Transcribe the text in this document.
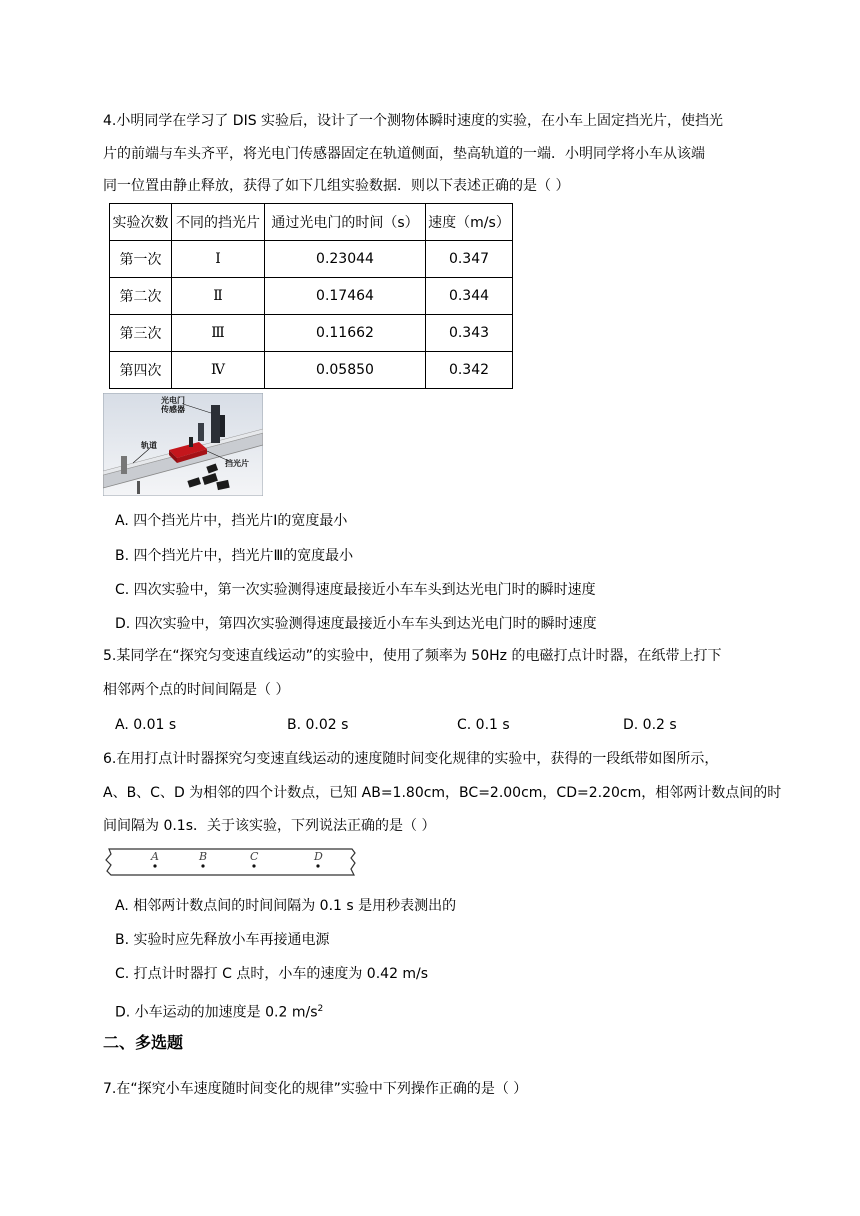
4.小明同学在学习了 DIS 实验后，设计了一个测物体瞬时速度的实验，在小车上固定挡光片，使挡光
片的前端与车头齐平，将光电门传感器固定在轨道侧面，垫高轨道的一端．小明同学将小车从该端
同一位置由静止释放，获得了如下几组实验数据．则以下表述正确的是（ ）
实验次数	不同的挡光片	通过光电门的时间（s）	速度（m/s）
第一次	Ⅰ	0.23044	0.347
第二次	Ⅱ	0.17464	0.344
第三次	Ⅲ	0.11662	0.343
第四次	Ⅳ	0.05850	0.342
光电门
传感器
轨道
挡光片
A. 四个挡光片中，挡光片Ⅰ的宽度最小
B. 四个挡光片中，挡光片Ⅲ的宽度最小
C. 四次实验中，第一次实验测得速度最接近小车车头到达光电门时的瞬时速度
D. 四次实验中，第四次实验测得速度最接近小车车头到达光电门时的瞬时速度
5.某同学在“探究匀变速直线运动”的实验中，使用了频率为 50Hz 的电磁打点计时器，在纸带上打下
相邻两个点的时间间隔是（ ）
A. 0.01 s	B. 0.02 s	C. 0.1 s	D. 0.2 s
6.在用打点计时器探究匀变速直线运动的速度随时间变化规律的实验中，获得的一段纸带如图所示，
A、B、C、D 为相邻的四个计数点，已知 AB=1.80cm，BC=2.00cm，CD=2.20cm，相邻两计数点间的时
间间隔为 0.1s．关于该实验，下列说法正确的是（ ）
A	B	C	D
A. 相邻两计数点间的时间间隔为 0.1 s 是用秒表测出的
B. 实验时应先释放小车再接通电源
C. 打点计时器打 C 点时，小车的速度为 0.42 m/s
D. 小车运动的加速度是 0.2 $m/s^2$
二、多选题
7.在“探究小车速度随时间变化的规律”实验中下列操作正确的是（ ）
